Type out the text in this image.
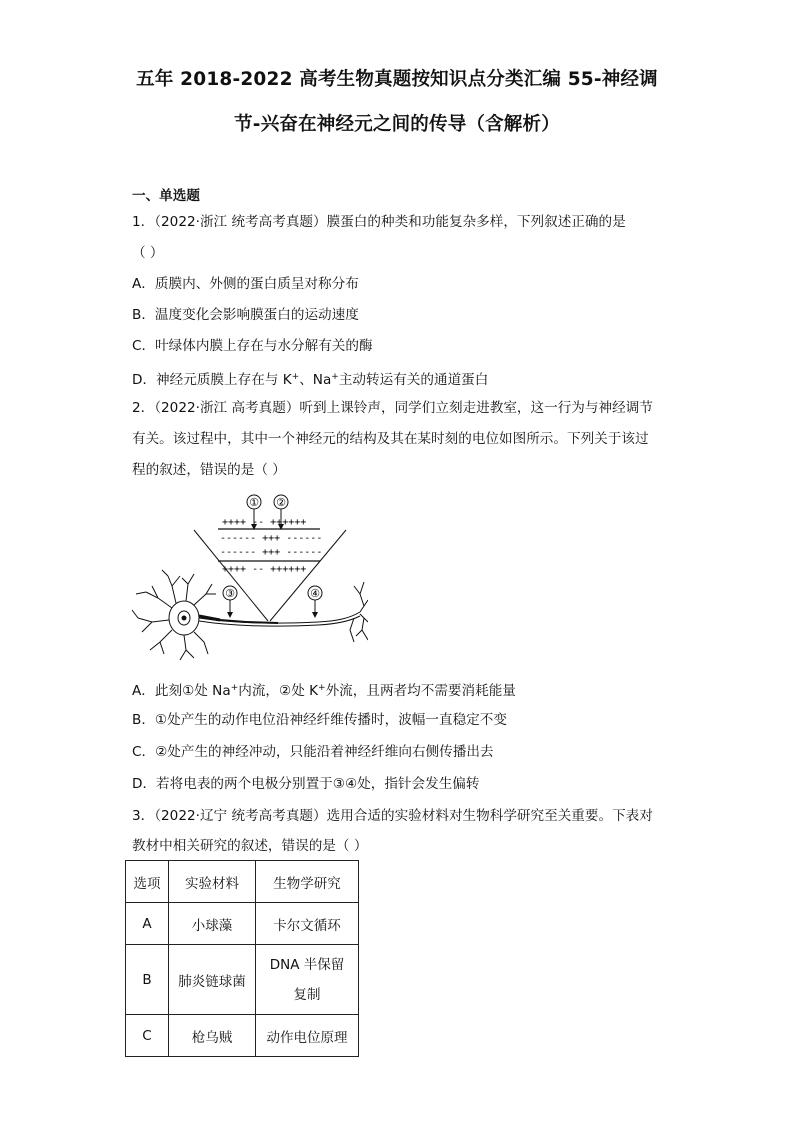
五年 2018-2022 高考生物真题按知识点分类汇编 55-神经调
节-兴奋在神经元之间的传导（含解析）
一、单选题
1．（2022·浙江 统考高考真题）膜蛋白的种类和功能复杂多样，下列叙述正确的是
（ ）
A．质膜内、外侧的蛋白质呈对称分布
B．温度变化会影响膜蛋白的运动速度
C．叶绿体内膜上存在与水分解有关的酶
D．神经元质膜上存在与 K+、Na+主动转运有关的通道蛋白
2．（2022·浙江 高考真题）听到上课铃声，同学们立刻走进教室，这一行为与神经调节
有关。该过程中，其中一个神经元的结构及其在某时刻的电位如图所示。下列关于该过
程的叙述，错误的是（ ）
① ②
++++ -- ++++++
------ +++ ------
------ +++ ------
++++ -- ++++++
③	④
A．此刻①处 Na+内流，②处 K+外流，且两者均不需要消耗能量
B．①处产生的动作电位沿神经纤维传播时，波幅一直稳定不变
C．②处产生的神经冲动，只能沿着神经纤维向右侧传播出去
D．若将电表的两个电极分别置于③④处，指针会发生偏转
3．（2022·辽宁 统考高考真题）选用合适的实验材料对生物科学研究至关重要。下表对
教材中相关研究的叙述，错误的是（ ）
选项	实验材料	生物学研究
A	小球藻	卡尔文循环
B	肺炎链球菌	DNA 半保留
复制

C	枪乌贼	动作电位原理
